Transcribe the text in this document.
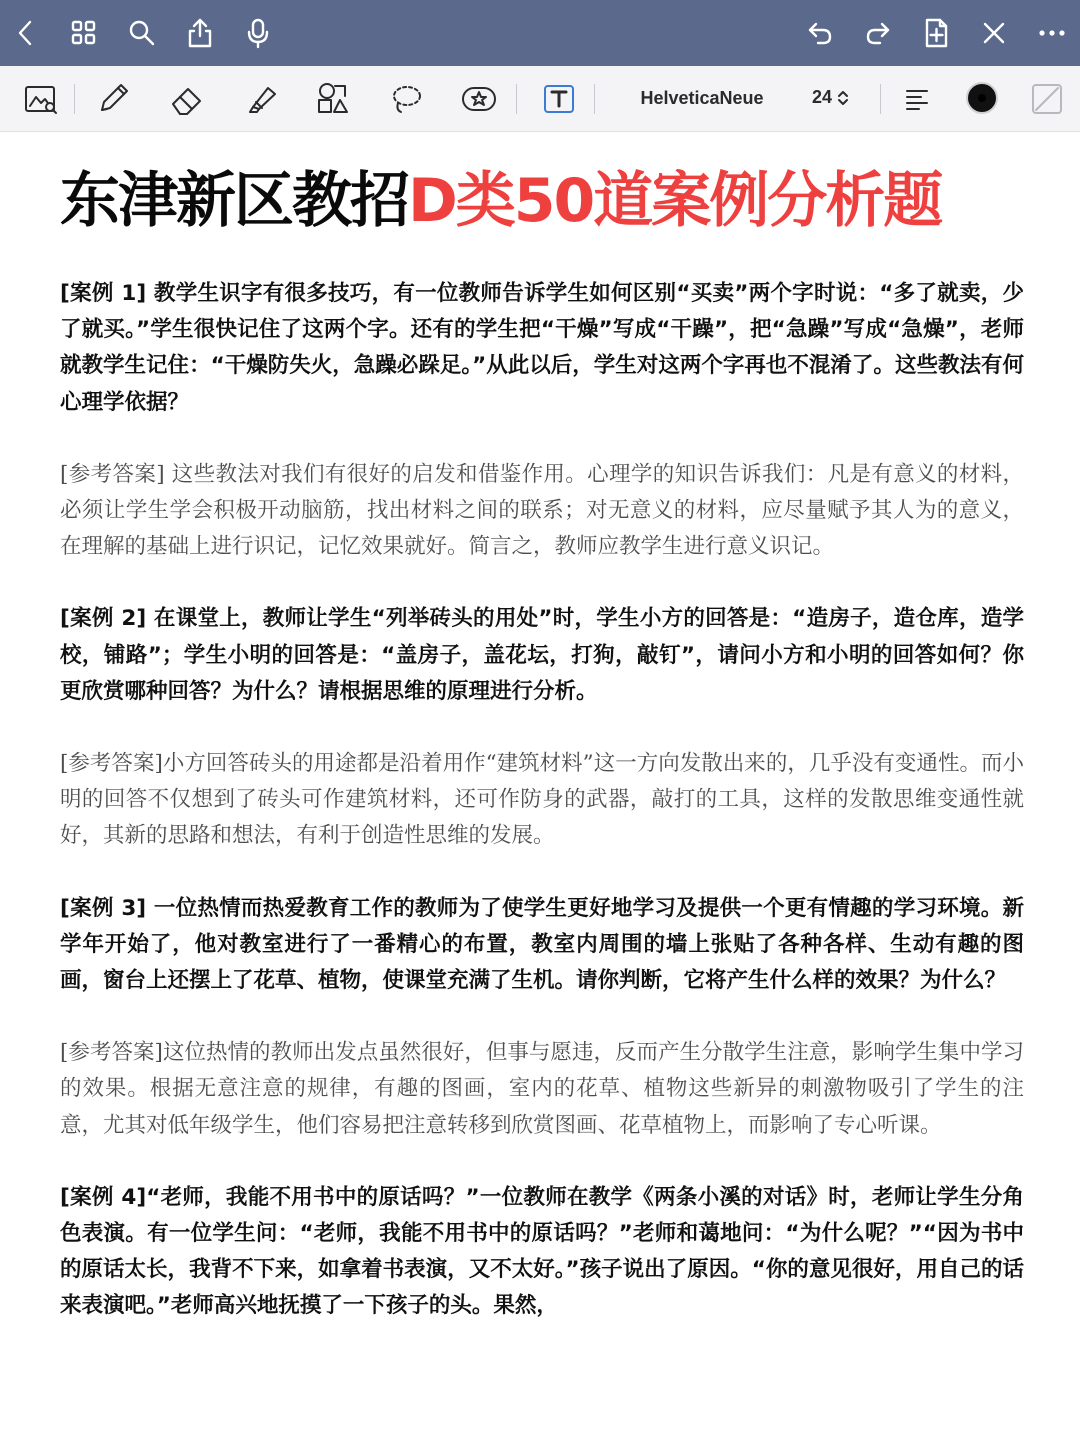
HelveticaNeue	24
东津新区教招D类50道案例分析题

[案例 1] 教学生识字有很多技巧，有一位教师告诉学生如何区别“买卖”两个字时说：“多了就卖，少了就买。”学生很快记住了这两个字。还有的学生把“干燥”写成“干躁”，把“急躁”写成“急燥”，老师就教学生记住：“干燥防失火，急躁必跺足。”从此以后，学生对这两个字再也不混淆了。这些教法有何心理学依据？

[参考答案] 这些教法对我们有很好的启发和借鉴作用。心理学的知识告诉我们：凡是有意义的材料，必须让学生学会积极开动脑筋，找出材料之间的联系；对无意义的材料，应尽量赋予其人为的意义，在理解的基础上进行识记，记忆效果就好。简言之，教师应教学生进行意义识记。

[案例 2] 在课堂上，教师让学生“列举砖头的用处”时，学生小方的回答是：“造房子，造仓库，造学校，铺路”；学生小明的回答是：“盖房子，盖花坛，打狗，敲钉”，请问小方和小明的回答如何？你更欣赏哪种回答？为什么？请根据思维的原理进行分析。

[参考答案]小方回答砖头的用途都是沿着用作“建筑材料”这一方向发散出来的，几乎没有变通性。而小明的回答不仅想到了砖头可作建筑材料，还可作防身的武器，敲打的工具，这样的发散思维变通性就好，其新的思路和想法，有利于创造性思维的发展。

[案例 3] 一位热情而热爱教育工作的教师为了使学生更好地学习及提供一个更有情趣的学习环境。新学年开始了，他对教室进行了一番精心的布置，教室内周围的墙上张贴了各种各样、生动有趣的图画，窗台上还摆上了花草、植物，使课堂充满了生机。请你判断，它将产生什么样的效果？为什么？

[参考答案]这位热情的教师出发点虽然很好，但事与愿违，反而产生分散学生注意，影响学生集中学习的效果。根据无意注意的规律，有趣的图画，室内的花草、植物这些新异的刺激物吸引了学生的注意，尤其对低年级学生，他们容易把注意转移到欣赏图画、花草植物上，而影响了专心听课。

[案例 4]“老师，我能不用书中的原话吗？”一位教师在教学《两条小溪的对话》时，老师让学生分角色表演。有一位学生问：“老师，我能不用书中的原话吗？”老师和蔼地问：“为什么呢？”“因为书中的原话太长，我背不下来，如拿着书表演，又不太好。”孩子说出了原因。“你的意见很好，用自己的话来表演吧。”老师高兴地抚摸了一下孩子的头。果然，
